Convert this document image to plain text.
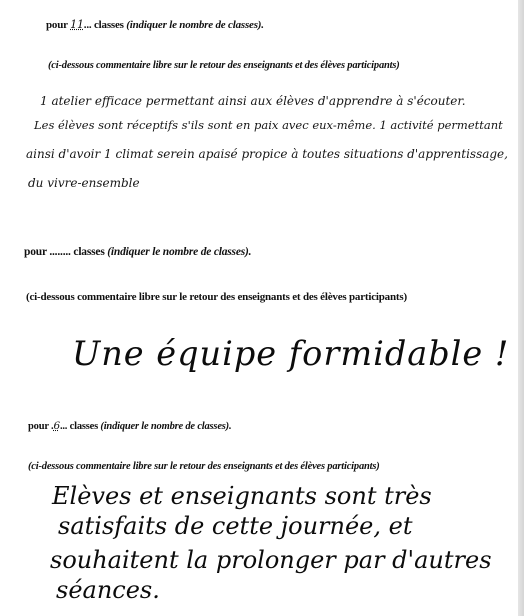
pour 11... classes (indiquer le nombre de classes).
(ci-dessous commentaire libre sur le retour des enseignants et des élèves participants)
1 atelier efficace permettant ainsi aux élèves d'apprendre à s'écouter.
Les élèves sont réceptifs s'ils sont en paix avec eux-même. 1 activité permettant
ainsi d'avoir 1 climat serein apaisé propice à toutes situations d'apprentissage,
du vivre-ensemble
pour ........ classes (indiquer le nombre de classes).
(ci-dessous commentaire libre sur le retour des enseignants et des élèves participants)
Une équipe formidable !
pour .6... classes (indiquer le nombre de classes).
(ci-dessous commentaire libre sur le retour des enseignants et des élèves participants)
Elèves et enseignants sont très
satisfaits de cette journée, et
souhaitent la prolonger par d'autres
séances.
